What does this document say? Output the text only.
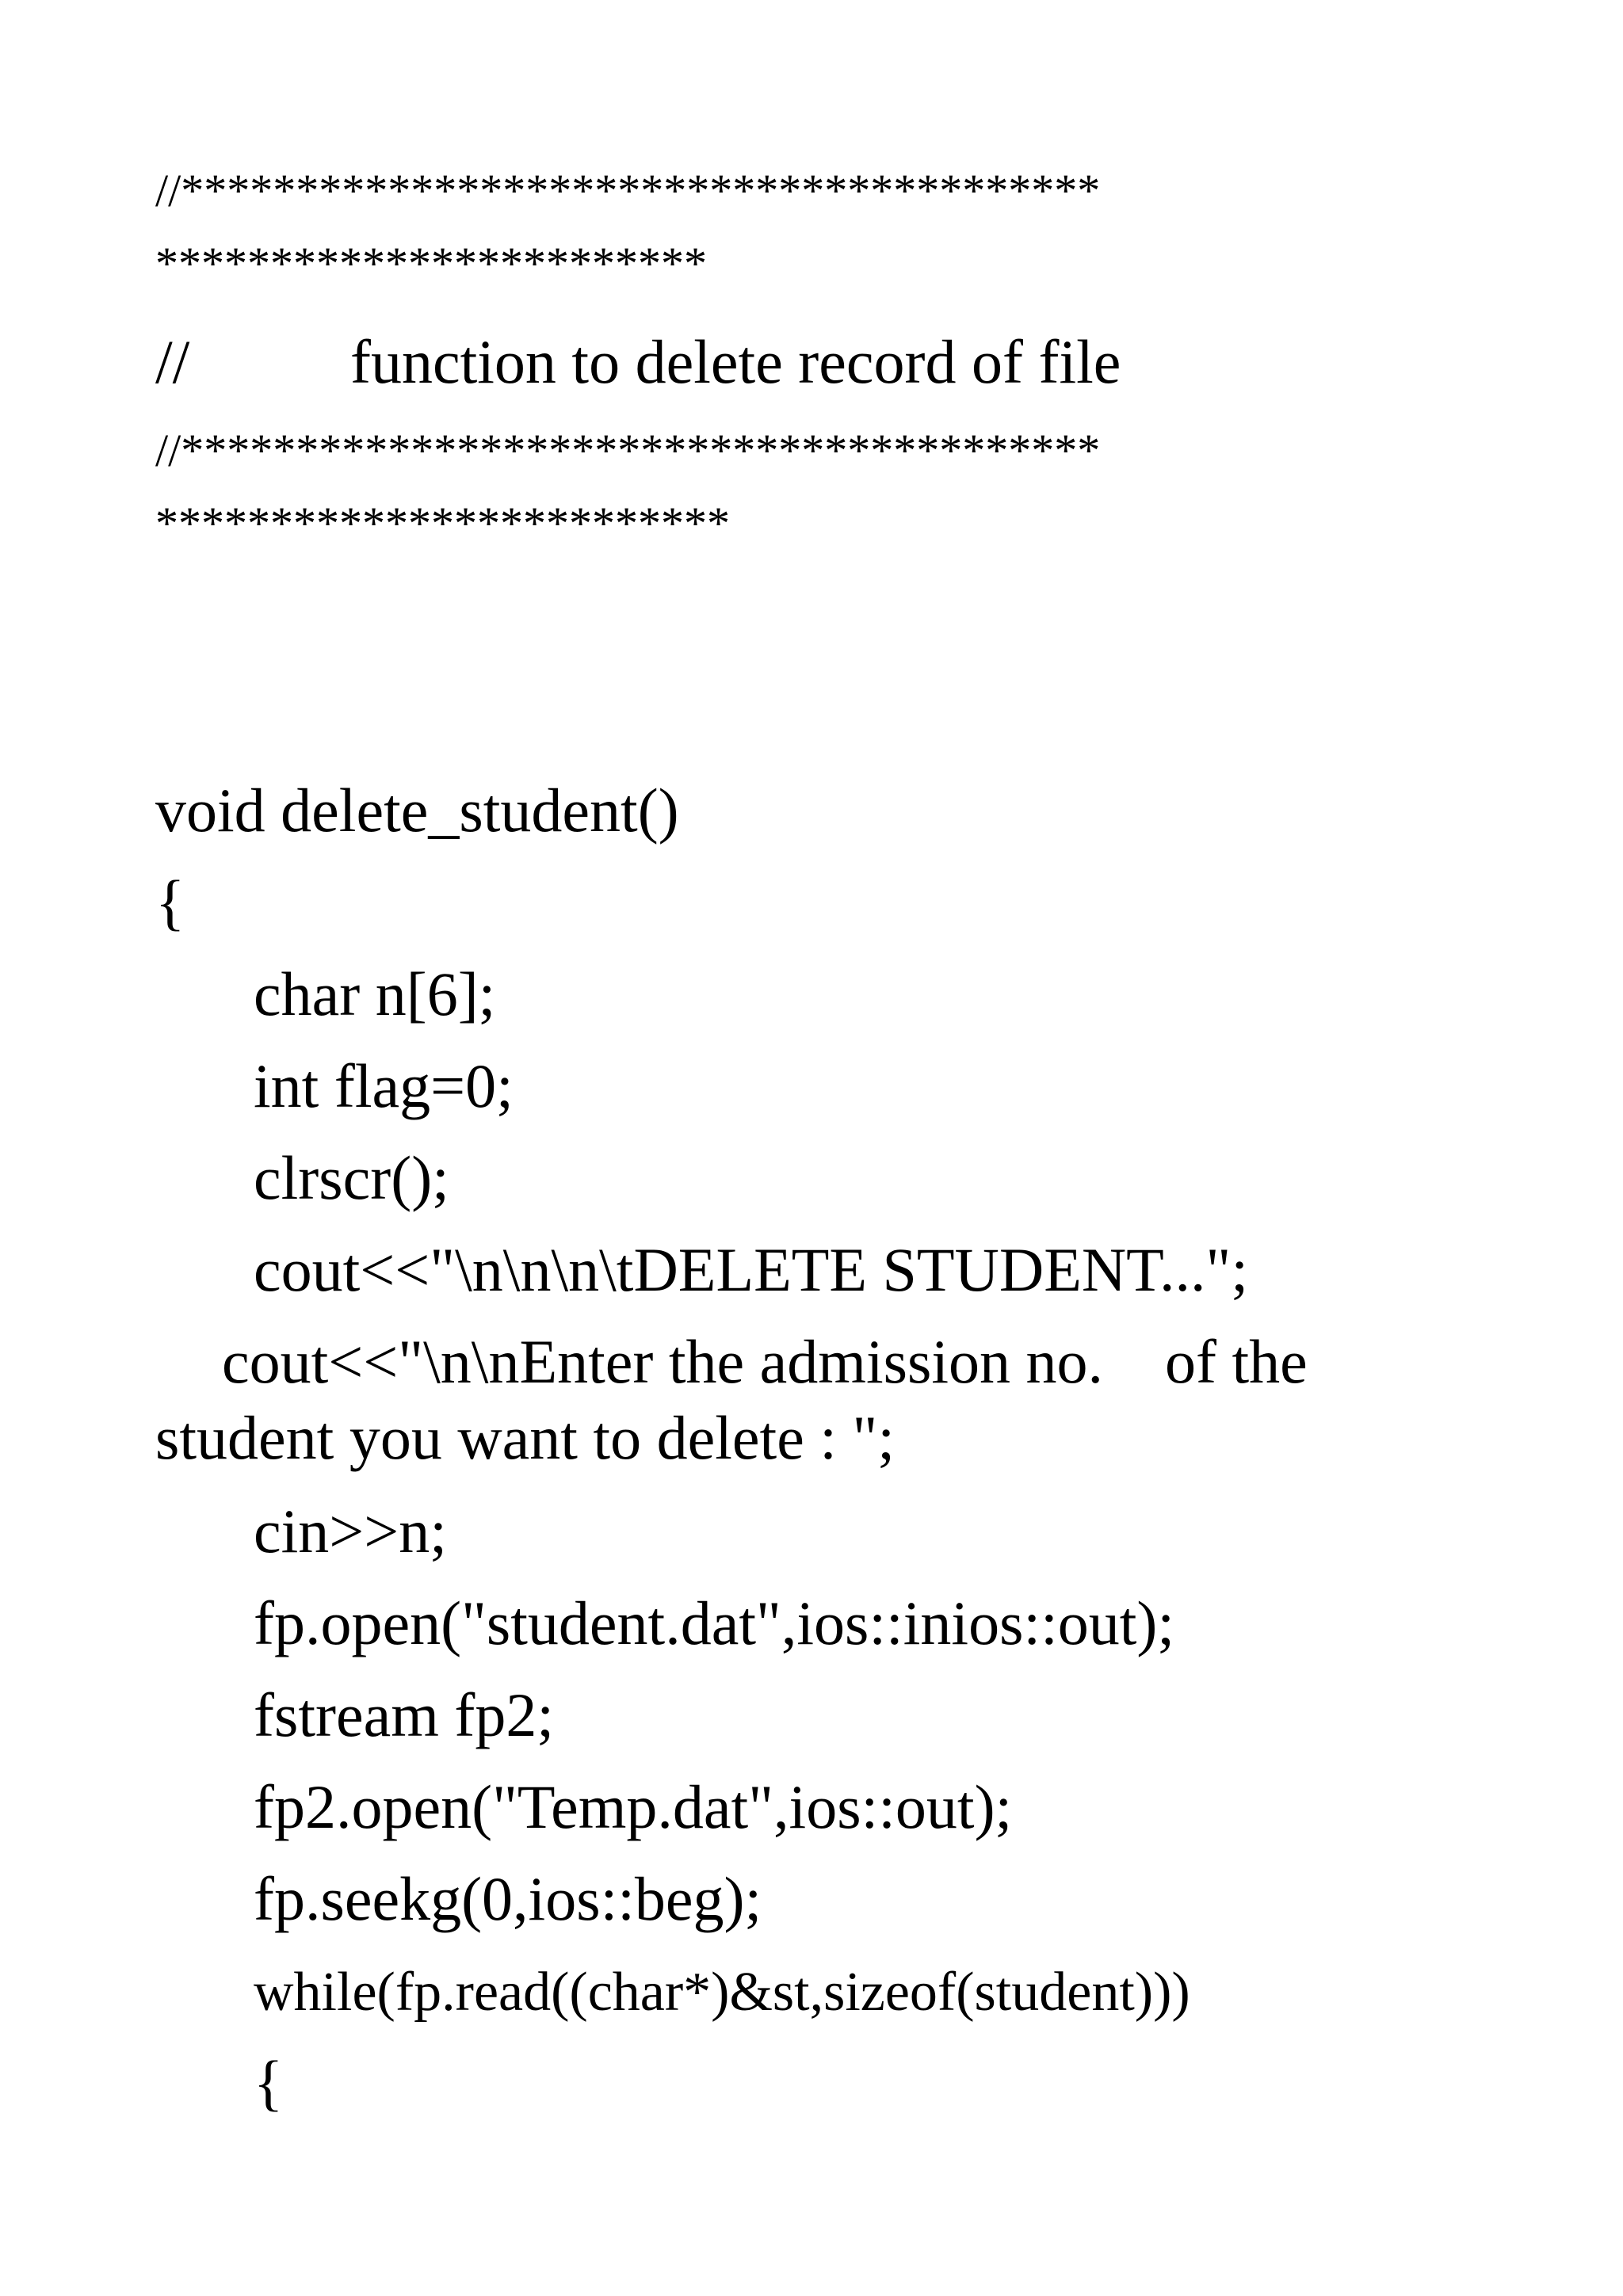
//****************************************
************************
//	function to delete record of file
//****************************************
*************************
void delete_student()
{
char n[6];
int flag=0;
clrscr();
cout<<"\n\n\n\tDELETE STUDENT...";
cout<<"\n\nEnter the admission no.    of the
student you want to delete : ";
cin>>n;
fp.open("student.dat",ios::inios::out);
fstream fp2;
fp2.open("Temp.dat",ios::out);
fp.seekg(0,ios::beg);
while(fp.read((char*)&st,sizeof(student)))
{
